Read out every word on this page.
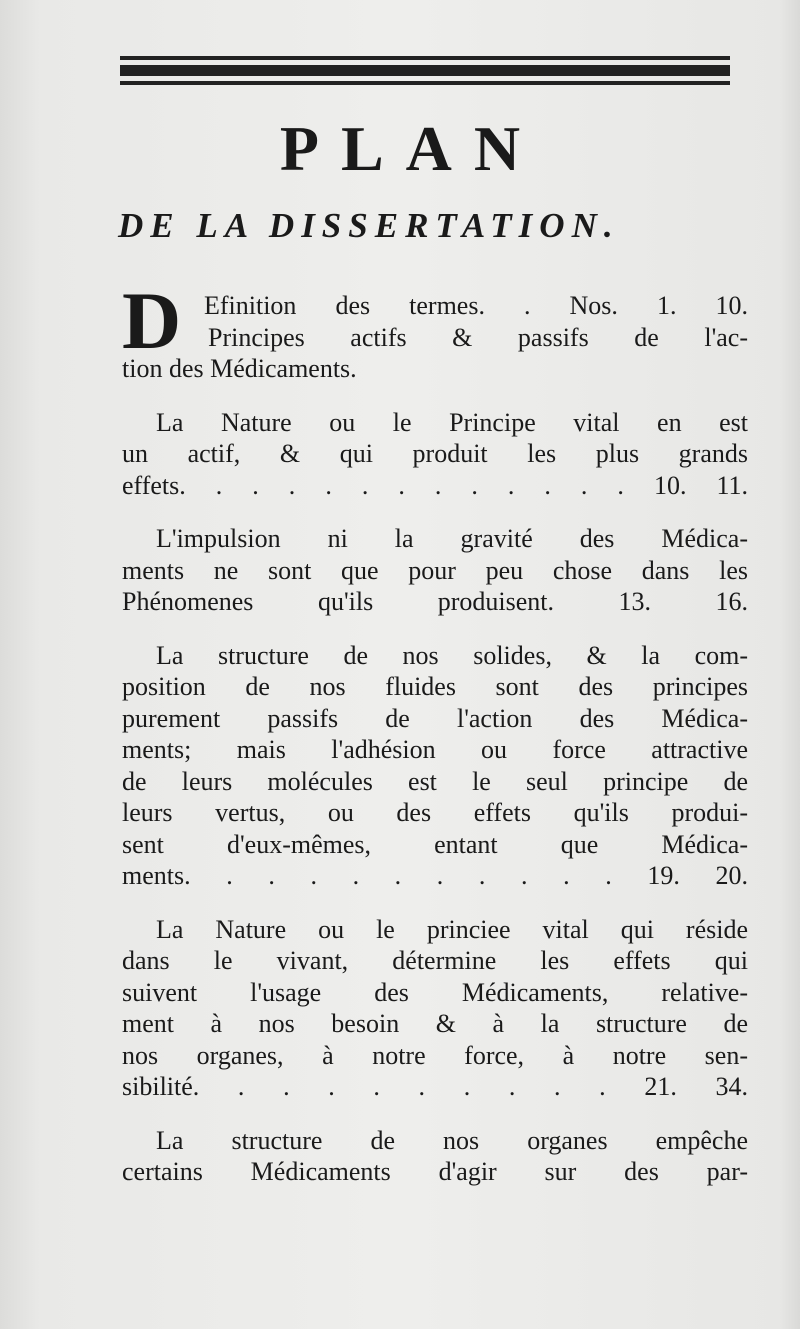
PLAN
DE LA DISSERTATION.
D Efinition des termes. . Nos. 1. 10.
Principes actifs & passifs de l'ac-
tion des Médicaments.
La Nature ou le Principe vital en est
un actif, & qui produit les plus grands
effets. . . . . . . . . . . . . 10. 11.
L'impulsion ni la gravité des Médica-
ments ne sont que pour peu chose dans les
Phénomenes qu'ils produisent. 13. 16.
La structure de nos solides, & la com-
position de nos fluides sont des principes
purement passifs de l'action des Médica-
ments; mais l'adhésion ou force attractive
de leurs molécules est le seul principe de
leurs vertus, ou des effets qu'ils produi-
sent d'eux-mêmes, entant que Médica-
ments. . . . . . . . . . . 19. 20.
La Nature ou le princiee vital qui réside
dans le vivant, détermine les effets qui
suivent l'usage des Médicaments, relative-
ment à nos besoin & à la structure de
nos organes, à notre force, à notre sen-
sibilité. . . . . . . . . . 21. 34.
La structure de nos organes empêche
certains Médicaments d'agir sur des par-
